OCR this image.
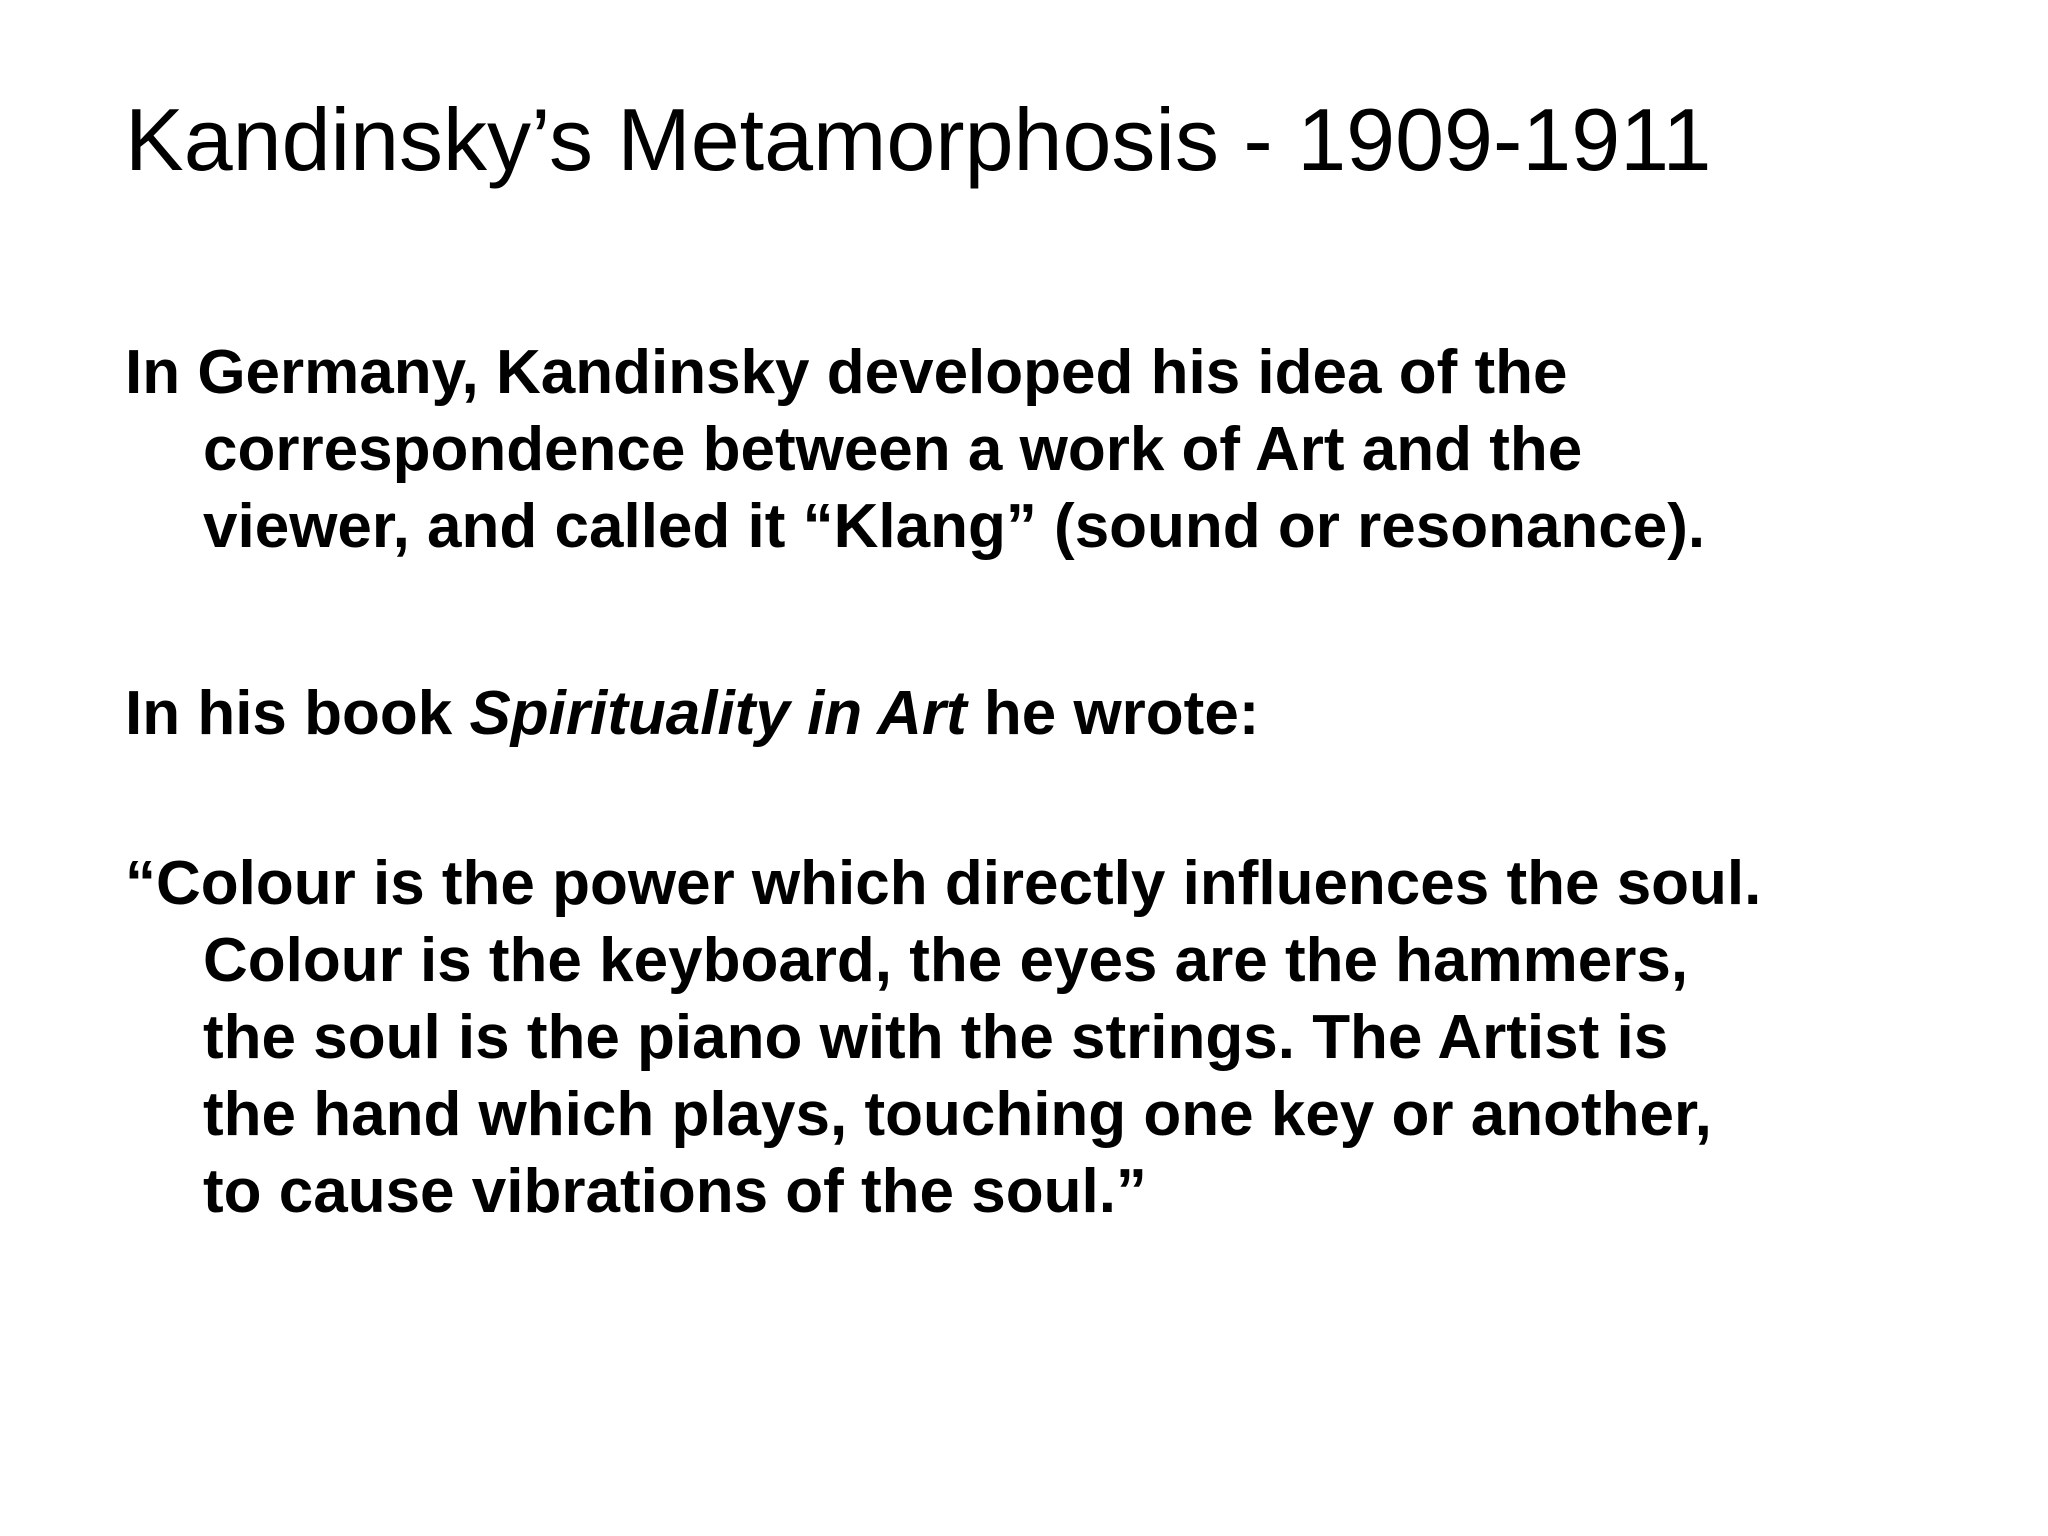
Kandinsky’s Metamorphosis - 1909-1911

In Germany, Kandinsky developed his idea of the
correspondence between a work of Art and the
viewer, and called it “Klang” (sound or resonance).

In his book Spirituality in Art he wrote:

“Colour is the power which directly influences the soul.
Colour is the keyboard, the eyes are the hammers,
the soul is the piano with the strings. The Artist is
the hand which plays, touching one key or another,
to cause vibrations of the soul.”
